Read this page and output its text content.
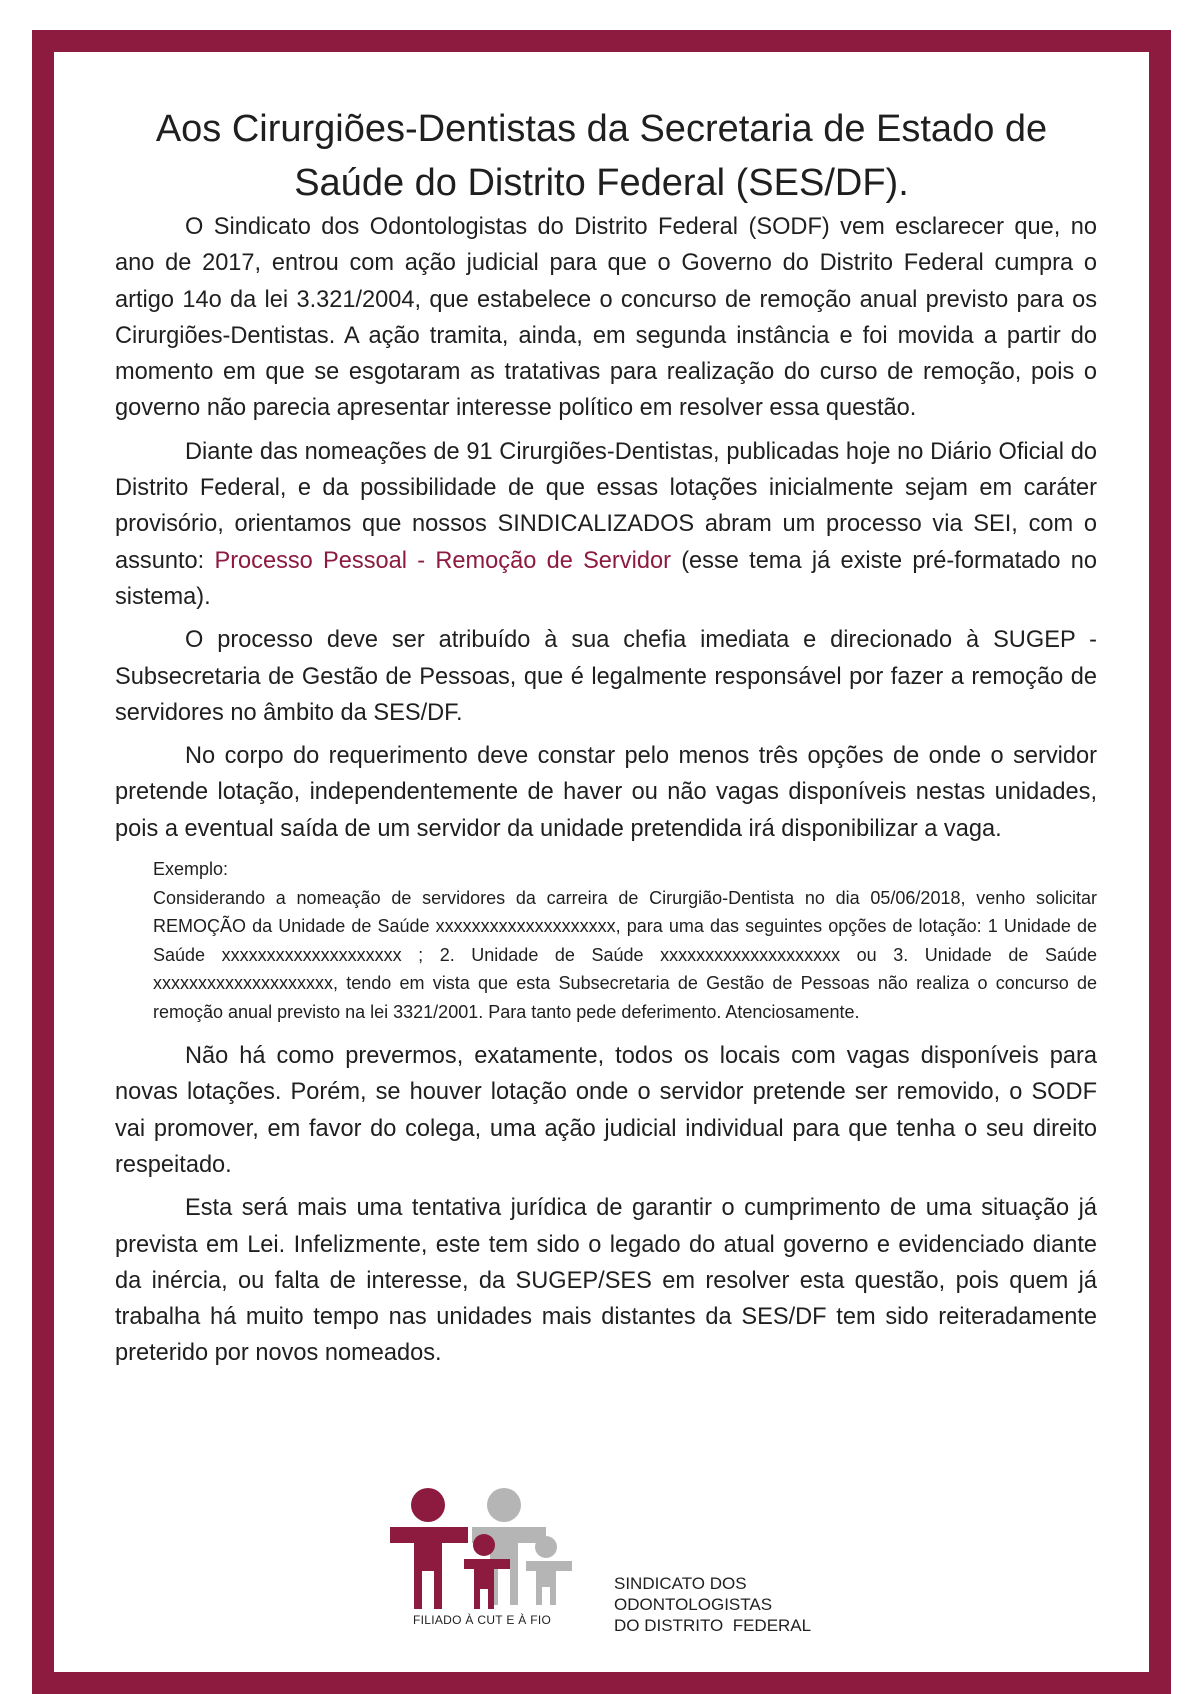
Aos Cirurgiões-Dentistas da Secretaria de Estado de
Saúde do Distrito Federal (SES/DF).

O Sindicato dos Odontologistas do Distrito Federal (SODF) vem esclarecer que, no ano de 2017, entrou com ação judicial para que o Governo do Distrito Federal cumpra o artigo 14o da lei 3.321/2004, que estabelece o concurso de remoção anual previsto para os Cirurgiões-Dentistas. A ação tramita, ainda, em segunda instância e foi movida a partir do momento em que se esgotaram as tratativas para realização do curso de remoção, pois o governo não parecia apresentar interesse político em resolver essa questão.

Diante das nomeações de 91 Cirurgiões-Dentistas, publicadas hoje no Diário Oficial do Distrito Federal, e da possibilidade de que essas lotações inicialmente sejam em caráter provisório, orientamos que nossos SINDICALIZADOS abram um processo via SEI, com o assunto: Processo Pessoal - Remoção de Servidor (esse tema já existe pré-formatado no sistema).

O processo deve ser atribuído à sua chefia imediata e direcionado à SUGEP - Subsecretaria de Gestão de Pessoas, que é legalmente responsável por fazer a remoção de servidores no âmbito da SES/DF.

No corpo do requerimento deve constar pelo menos três opções de onde o servidor pretende lotação, independentemente de haver ou não vagas disponíveis nestas unidades, pois a eventual saída de um servidor da unidade pretendida irá disponibilizar a vaga.

Exemplo:
Considerando a nomeação de servidores da carreira de Cirurgião-Dentista no dia 05/06/2018, venho solicitar REMOÇÃO da Unidade de Saúde xxxxxxxxxxxxxxxxxxxx, para uma das seguintes opções de lotação: 1 Unidade de Saúde xxxxxxxxxxxxxxxxxxxx ; 2. Unidade de Saúde xxxxxxxxxxxxxxxxxxxx ou 3. Unidade de Saúde xxxxxxxxxxxxxxxxxxxx, tendo em vista que esta Subsecretaria de Gestão de Pessoas não realiza o concurso de remoção anual previsto na lei 3321/2001. Para tanto pede deferimento. Atenciosamente.

Não há como prevermos, exatamente, todos os locais com vagas disponíveis para novas lotações. Porém, se houver lotação onde o servidor pretende ser removido, o SODF vai promover, em favor do colega, uma ação judicial individual para que tenha o seu direito respeitado.

Esta será mais uma tentativa jurídica de garantir o cumprimento de uma situação já prevista em Lei. Infelizmente, este tem sido o legado do atual governo e evidenciado diante da inércia, ou falta de interesse, da SUGEP/SES em resolver esta questão, pois quem já trabalha há muito tempo nas unidades mais distantes da SES/DF tem sido reiteradamente preterido por novos nomeados.

FILIADO À CUT E À FIO
SINDICATO DOS
ODONTOLOGISTAS
DO DISTRITO  FEDERAL
